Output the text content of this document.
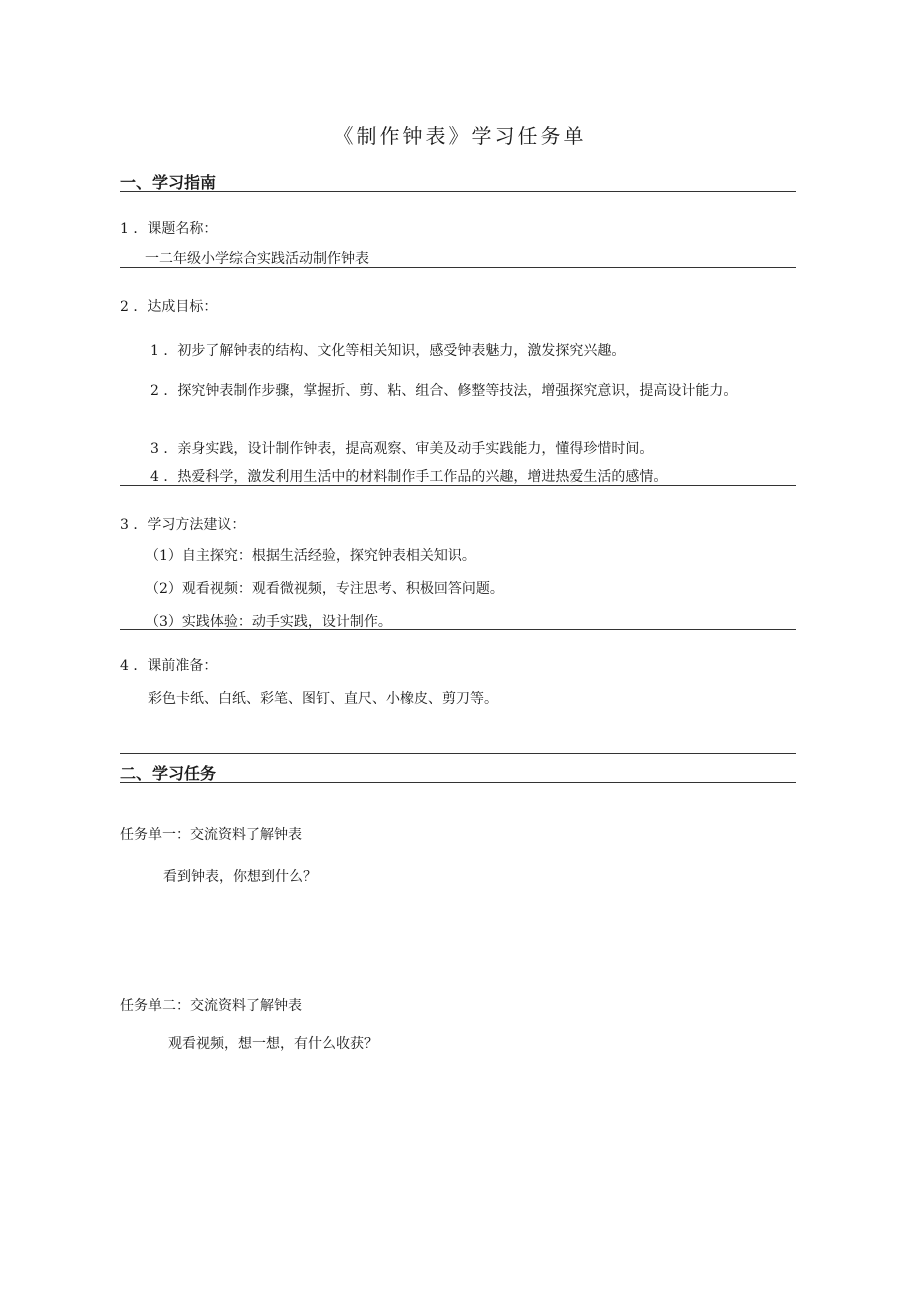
《制作钟表》学习任务单
一、学习指南
1 ．课题名称：
一二年级小学综合实践活动制作钟表
2 ．达成目标：
1 ．初步了解钟表的结构、文化等相关知识，感受钟表魅力，激发探究兴趣。
2 ．探究钟表制作步骤，掌握折、剪、粘、组合、修整等技法，增强探究意识，提高设计能力。
3 ．亲身实践，设计制作钟表，提高观察、审美及动手实践能力，懂得珍惜时间。
4 ．热爱科学，激发利用生活中的材料制作手工作品的兴趣，增进热爱生活的感情。
3 ．学习方法建议：
（1）自主探究：根据生活经验，探究钟表相关知识。
（2）观看视频：观看微视频，专注思考、积极回答问题。
（3）实践体验：动手实践，设计制作。
4 ．课前准备：
彩色卡纸、白纸、彩笔、图钉、直尺、小橡皮、剪刀等。
二、学习任务
任务单一：交流资料了解钟表
看到钟表，你想到什么？
任务单二：交流资料了解钟表
观看视频，想一想，有什么收获？
